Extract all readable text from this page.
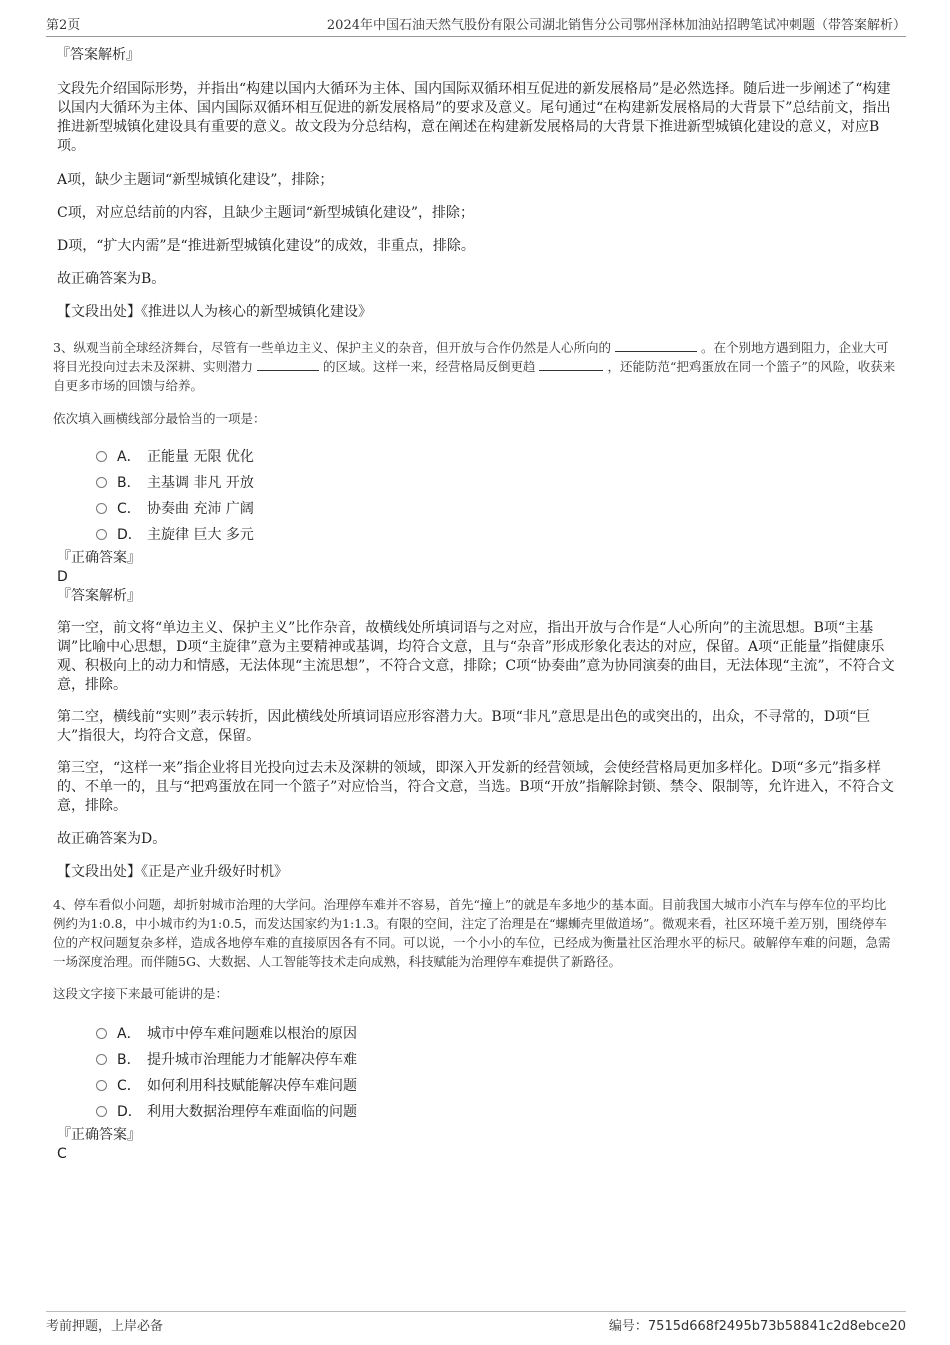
第2页	2024年中国石油天然气股份有限公司湖北销售分公司鄂州泽林加油站招聘笔试冲刺题（带答案解析）
『答案解析』

文段先介绍国际形势，并指出“构建以国内大循环为主体、国内国际双循环相互促进的新发展格局”是必然选择。随后进一步阐述了“构建以国内大循环为主体、国内国际双循环相互促进的新发展格局”的要求及意义。尾句通过“在构建新发展格局的大背景下”总结前文，指出推进新型城镇化建设具有重要的意义。故文段为分总结构，意在阐述在构建新发展格局的大背景下推进新型城镇化建设的意义，对应B项。

A项，缺少主题词“新型城镇化建设”，排除；

C项，对应总结前的内容，且缺少主题词“新型城镇化建设”，排除；

D项，“扩大内需”是“推进新型城镇化建设”的成效，非重点，排除。

故正确答案为B。

【文段出处】《推进以人为核心的新型城镇化建设》

3、纵观当前全球经济舞台，尽管有一些单边主义、保护主义的杂音，但开放与合作仍然是人心所向的	。在个别地方遇到阻力，企业大可将目光投向过去未及深耕、实则潜力	的区域。这样一来，经营格局反倒更趋	，还能防范“把鸡蛋放在同一个篮子”的风险，收获来自更多市场的回馈与给养。

依次填入画横线部分最恰当的一项是：

A． 正能量 无限 优化
B． 主基调 非凡 开放
C． 协奏曲 充沛 广阔
D． 主旋律 巨大 多元
『正确答案』
D
『答案解析』

第一空，前文将“单边主义、保护主义”比作杂音，故横线处所填词语与之对应，指出开放与合作是“人心所向”的主流思想。B项“主基调”比喻中心思想，D项“主旋律”意为主要精神或基调，均符合文意，且与“杂音”形成形象化表达的对应，保留。A项“正能量”指健康乐观、积极向上的动力和情感，无法体现“主流思想”，不符合文意，排除；C项“协奏曲”意为协同演奏的曲目，无法体现“主流”，不符合文意，排除。

第二空，横线前“实则”表示转折，因此横线处所填词语应形容潜力大。B项“非凡”意思是出色的或突出的，出众，不寻常的，D项“巨大”指很大，均符合文意，保留。

第三空，“这样一来”指企业将目光投向过去未及深耕的领域，即深入开发新的经营领域，会使经营格局更加多样化。D项“多元”指多样的、不单一的，且与“把鸡蛋放在同一个篮子”对应恰当，符合文意，当选。B项“开放”指解除封锁、禁令、限制等，允许进入，不符合文意，排除。

故正确答案为D。

【文段出处】《正是产业升级好时机》

4、停车看似小问题，却折射城市治理的大学问。治理停车难并不容易，首先“撞上”的就是车多地少的基本面。目前我国大城市小汽车与停车位的平均比例约为1:0.8，中小城市约为1:0.5，而发达国家约为1:1.3。有限的空间，注定了治理是在“螺蛳壳里做道场”。微观来看，社区环境千差万别，围绕停车位的产权问题复杂多样，造成各地停车难的直接原因各有不同。可以说，一个小小的车位，已经成为衡量社区治理水平的标尺。破解停车难的问题，急需一场深度治理。而伴随5G、大数据、人工智能等技术走向成熟，科技赋能为治理停车难提供了新路径。

这段文字接下来最可能讲的是：

A． 城市中停车难问题难以根治的原因
B． 提升城市治理能力才能解决停车难
C． 如何利用科技赋能解决停车难问题
D． 利用大数据治理停车难面临的问题
『正确答案』
C
考前押题，上岸必备	编号：7515d668f2495b73b58841c2d8ebce20
